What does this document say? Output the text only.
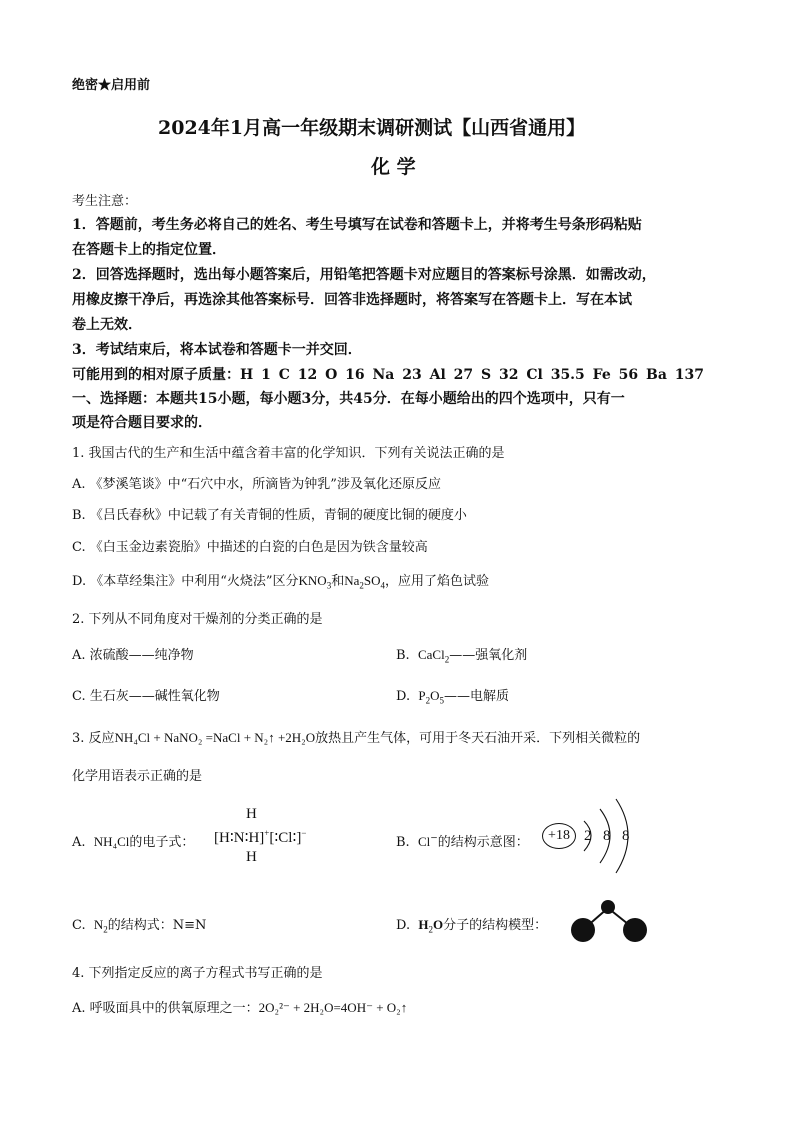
绝密★启用前
2024年1月高一年级期末调研测试【山西省通用】
化 学
考生注意：
1．答题前，考生务必将自己的姓名、考生号填写在试卷和答题卡上，并将考生号条形码粘贴
在答题卡上的指定位置．
2．回答选择题时，选出每小题答案后，用铅笔把答题卡对应题目的答案标号涂黑．如需改动，
用橡皮擦干净后，再选涂其他答案标号．回答非选择题时，将答案写在答题卡上．写在本试
卷上无效．
3．考试结束后，将本试卷和答题卡一并交回．
可能用到的相对原子质量：H 1 C 12 O 16 Na 23 Al 27 S 32 Cl 35.5 Fe 56 Ba 137
一、选择题：本题共15小题，每小题3分，共45分．在每小题给出的四个选项中，只有一
项是符合题目要求的．
1. 我国古代的生产和生活中蕴含着丰富的化学知识．下列有关说法正确的是
A. 《梦溪笔谈》中“石穴中水，所滴皆为钟乳”涉及氧化还原反应
B. 《吕氏春秋》中记载了有关青铜的性质，青铜的硬度比铜的硬度小
C. 《白玉金边素瓷胎》中描述的白瓷的白色是因为铁含量较高
D. 《本草经集注》中利用“火烧法”区分$KNO_3$和$Na_2SO_4$，应用了焰色试验
2. 下列从不同角度对干燥剂的分类正确的是
A. 浓硫酸——纯净物	B. CaCl$_2$——强氧化剂
C. 生石灰——碱性氧化物	D. $P_2O_5——$电解质
3. 反应NH₄Cl + NaNO₂ =NaCl + N₂↑ +2H₂O放热且产生气体，可用于冬天石油开采．下列相关微粒的
化学用语表示正确的是
A. NH₄Cl的电子式：
H
[H∶N∶H]+[∶Cl∶]−
H
B. Cl−的结构示意图：	+18 2 8 8
C. $N_2$的结构式：N≡N	D. $H_2O$分子的结构模型：
4. 下列指定反应的离子方程式书写正确的是
A. 呼吸面具中的供氧原理之一：2O₂²⁻ + 2H₂O=4OH⁻ + O₂↑
